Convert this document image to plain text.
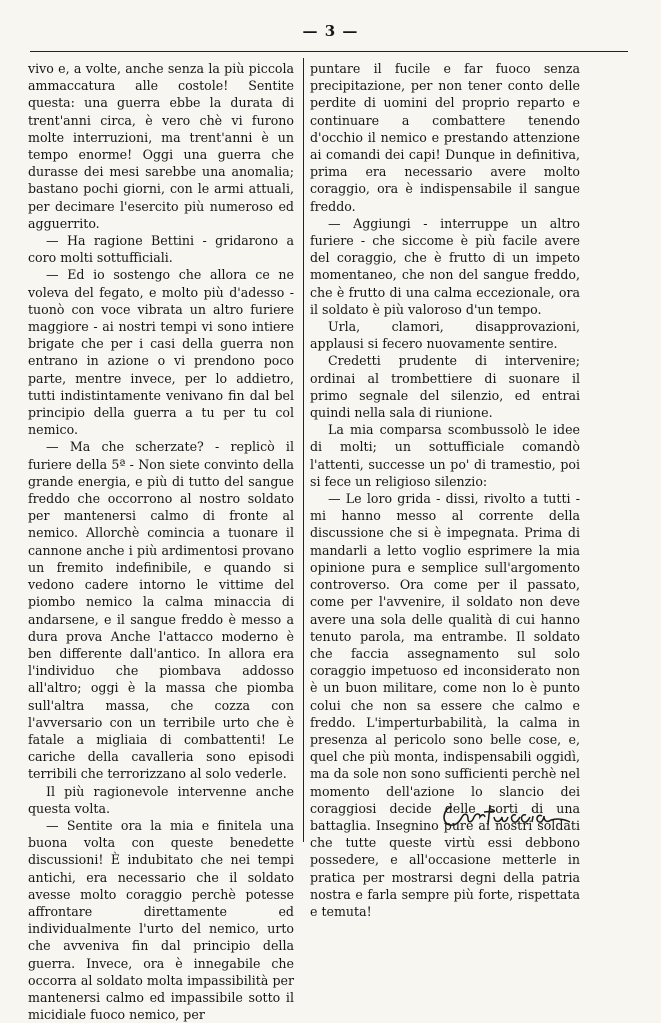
— 3 —

vivo e, a volte, anche senza la più piccola ammaccatura alle costole! Sentite questa: una guerra ebbe la durata di trent'anni circa, è vero chè vi furono molte interruzioni, ma trent'anni è un tempo enorme! Oggi una guerra che durasse dei mesi sarebbe una anomalia; bastano pochi giorni, con le armi attuali, per decimare l'esercito più numeroso ed agguerrito.

— Ha ragione Bettini - gridarono a coro molti sottufficiali.

— Ed io sostengo che allora ce ne voleva del fegato, e molto più d'adesso - tuonò con voce vibrata un altro furiere maggiore - ai nostri tempi vi sono intiere brigate che per i casi della guerra non entrano in azione o vi prendono poco parte, mentre invece, per lo addietro, tutti indistintamente venivano fin dal bel principio della guerra a tu per tu col nemico.

— Ma che scherzate? - replicò il furiere della 5ª - Non siete convinto della grande energia, e più di tutto del sangue freddo che occorrono al nostro soldato per mantenersi calmo di fronte al nemico. Allorchè comincia a tuonare il cannone anche i più ardimentosi provano un fremito indefinibile, e quando si vedono cadere intorno le vittime del piombo nemico la calma minaccia di andarsene, e il sangue freddo è messo a dura prova Anche l'attacco moderno è ben differente dall'antico. In allora era l'individuo che piombava addosso all'altro; oggi è la massa che piomba sull'altra massa, che cozza con l'avversario con un terribile urto che è fatale a migliaia di combattenti! Le cariche della cavalleria sono episodi terribili che terrorizzano al solo vederle.

Il più ragionevole intervenne anche questa volta.

— Sentite ora la mia e finitela una buona volta con queste benedette discussioni! È indubitato che nei tempi antichi, era necessario che il soldato avesse molto coraggio perchè potesse affrontare direttamente ed individualmente l'urto del nemico, urto che avveniva fin dal principio della guerra. Invece, ora è innegabile che occorra al soldato molta impassibilità per mantenersi calmo ed impassibile sotto il micidiale fuoco nemico, per

puntare il fucile e far fuoco senza precipitazione, per non tener conto delle perdite di uomini del proprio reparto e continuare a combattere tenendo d'occhio il nemico e prestando attenzione ai comandi dei capi! Dunque in definitiva, prima era necessario avere molto coraggio, ora è indispensabile il sangue freddo.

— Aggiungi - interruppe un altro furiere - che siccome è più facile avere del coraggio, che è frutto di un impeto momentaneo, che non del sangue freddo, che è frutto di una calma eccezionale, ora il soldato è più valoroso d'un tempo.

Urla, clamori, disapprovazioni, applausi si fecero nuovamente sentire.

Credetti prudente di intervenire; ordinai al trombettiere di suonare il primo segnale del silenzio, ed entrai quindi nella sala di riunione.

La mia comparsa scombussolò le idee di molti; un sottufficiale comandò l'attenti, successe un po' di tramestio, poi si fece un religioso silenzio:

— Le loro grida - dissi, rivolto a tutti - mi hanno messo al corrente della discussione che si è impegnata. Prima di mandarli a letto voglio esprimere la mia opinione pura e semplice sull'argomento controverso. Ora come per il passato, come per l'avvenire, il soldato non deve avere una sola delle qualità di cui hanno tenuto parola, ma entrambe. Il soldato che faccia assegnamento sul solo coraggio impetuoso ed inconsiderato non è un buon militare, come non lo è punto colui che non sa essere che calmo e freddo. L'imperturbabilità, la calma in presenza al pericolo sono belle cose, e, quel che più monta, indispensabili oggidì, ma da sole non sono sufficienti perchè nel momento dell'azione lo slancio dei coraggiosi decide delle sorti di una battaglia. Insegnino pure ai nostri soldati che tutte queste virtù essi debbono possedere, e all'occasione metterle in pratica per mostrarsi degni della patria nostra e farla sempre più forte, rispettata e temuta!
